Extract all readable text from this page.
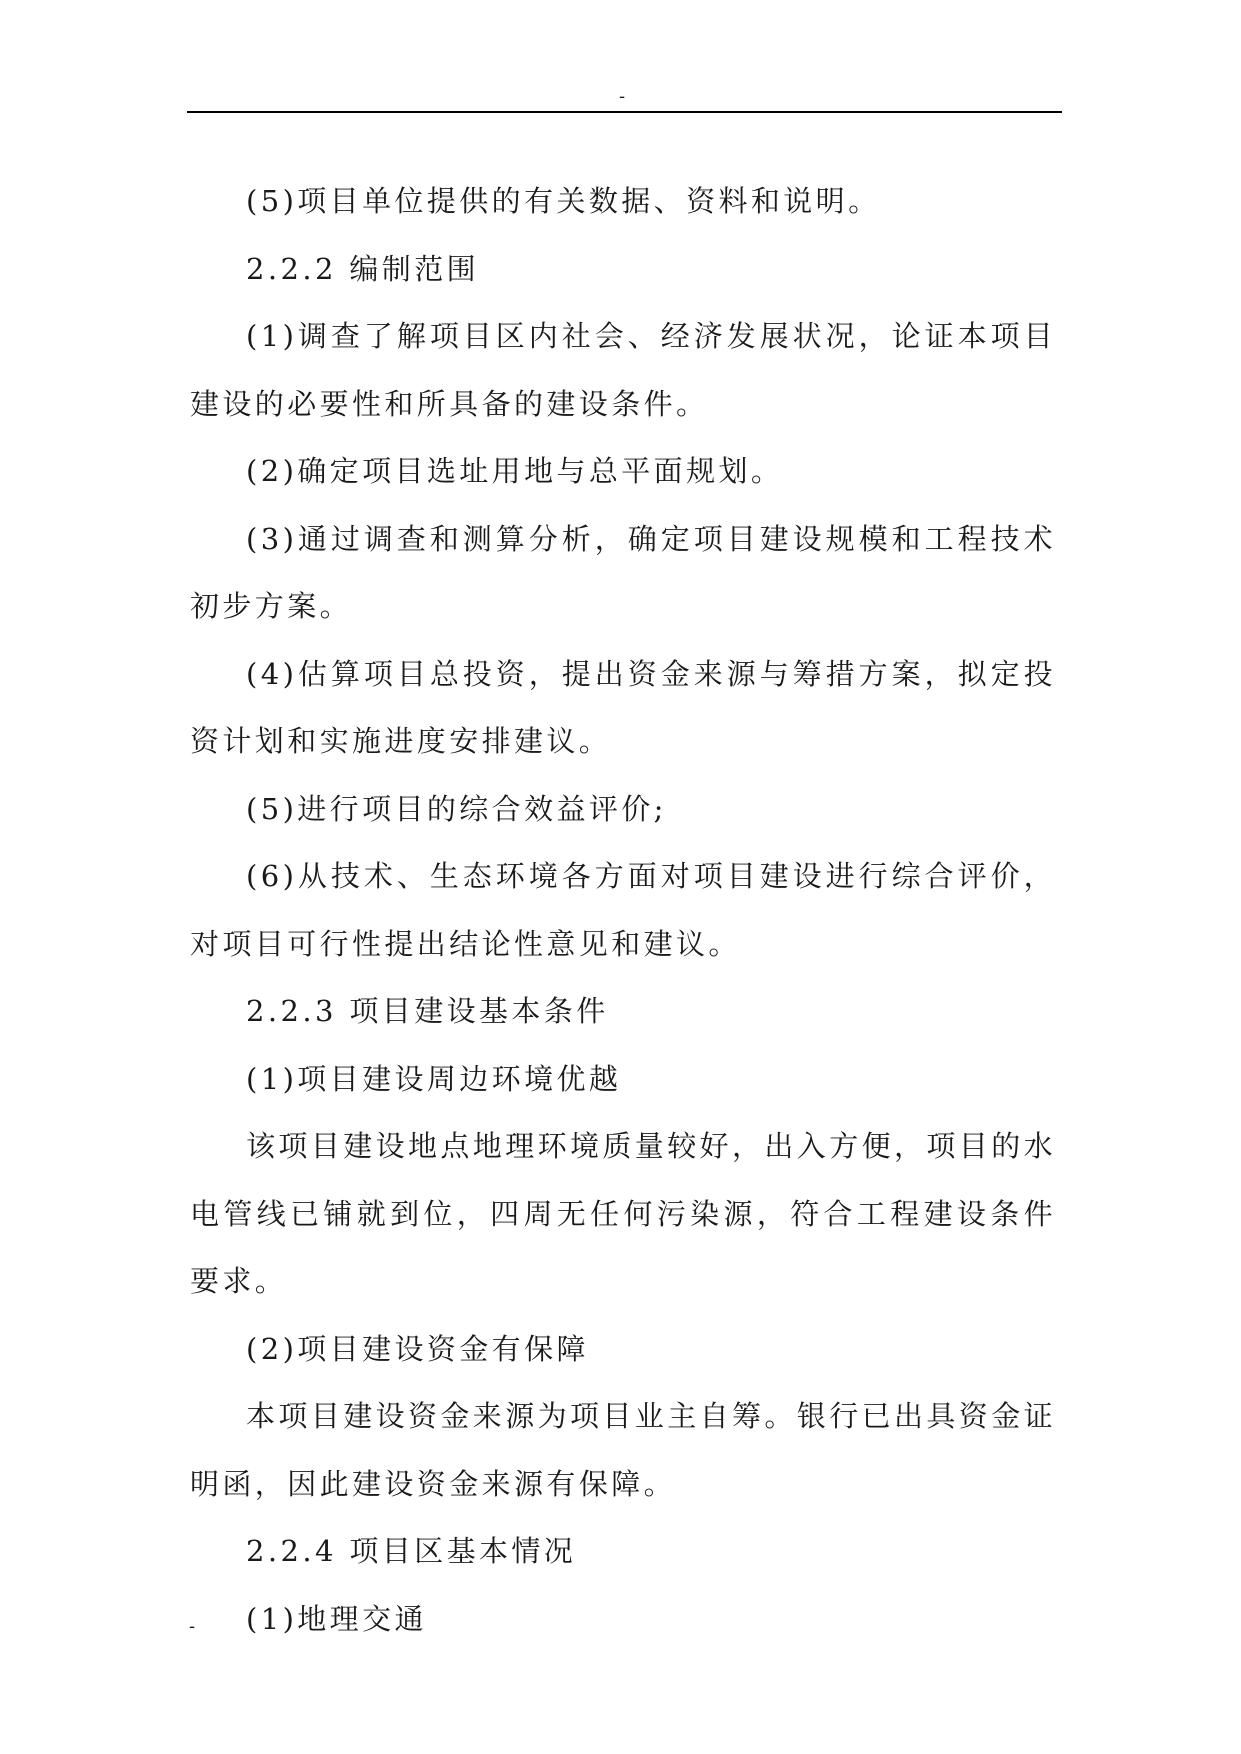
-

(5)项目单位提供的有关数据、资料和说明。

2.2.2 编制范围

(1)调查了解项目区内社会、经济发展状况，论证本项目建设的必要性和所具备的建设条件。

(2)确定项目选址用地与总平面规划。

(3)通过调查和测算分析，确定项目建设规模和工程技术初步方案。

(4)估算项目总投资，提出资金来源与筹措方案，拟定投资计划和实施进度安排建议。

(5)进行项目的综合效益评价;

(6)从技术、生态环境各方面对项目建设进行综合评价，对项目可行性提出结论性意见和建议。

2.2.3 项目建设基本条件

(1)项目建设周边环境优越

该项目建设地点地理环境质量较好，出入方便，项目的水电管线已铺就到位，四周无任何污染源，符合工程建设条件要求。

(2)项目建设资金有保障

本项目建设资金来源为项目业主自筹。银行已出具资金证明函，因此建设资金来源有保障。

2.2.4 项目区基本情况

(1)地理交通

-
